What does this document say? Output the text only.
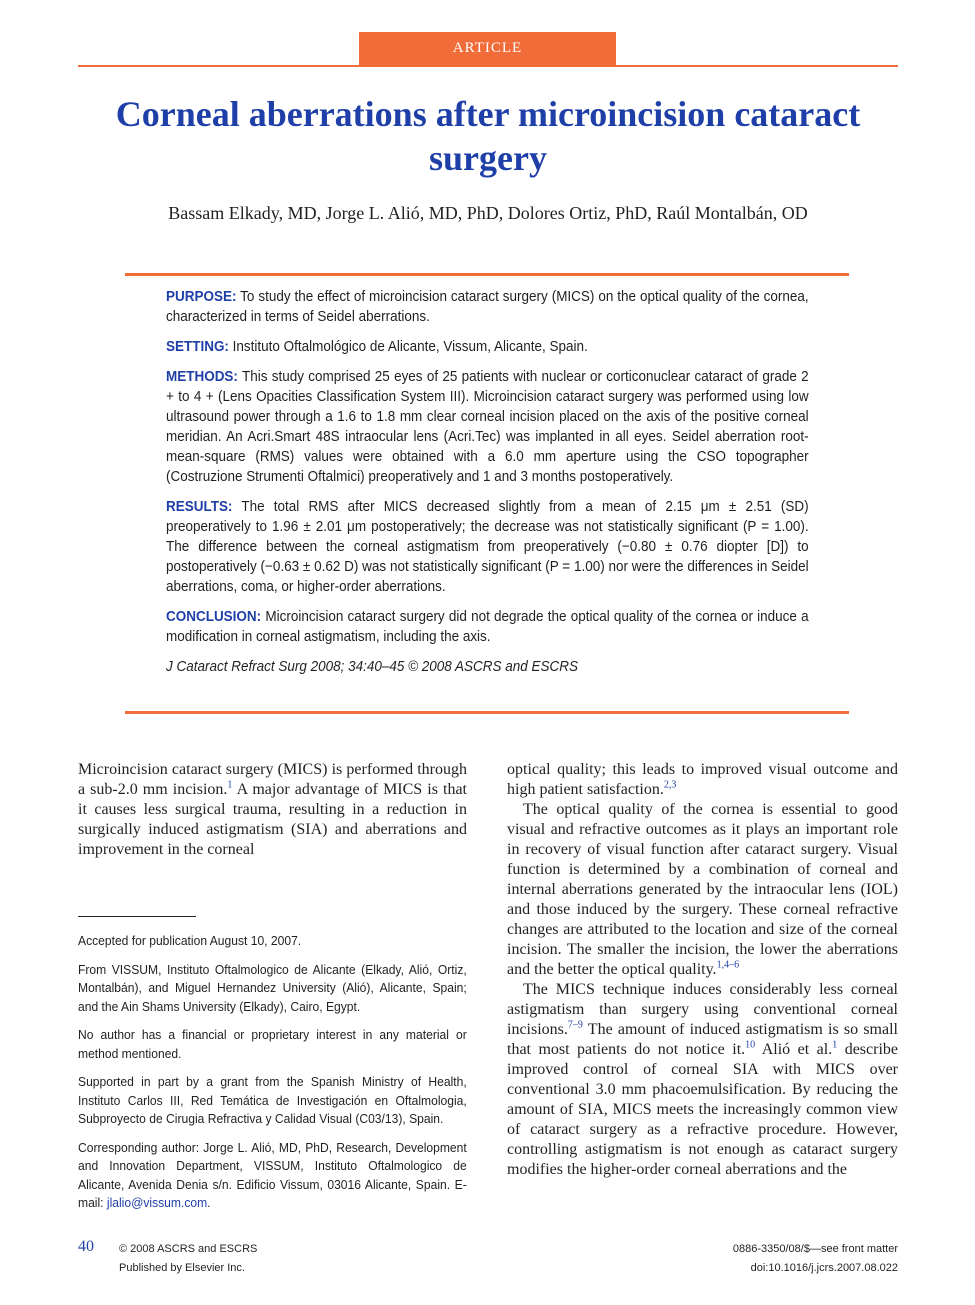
ARTICLE
Corneal aberrations after microincision cataract surgery
Bassam Elkady, MD, Jorge L. Alió, MD, PhD, Dolores Ortiz, PhD, Raúl Montalbán, OD

PURPOSE: To study the effect of microincision cataract surgery (MICS) on the optical quality of the cornea, characterized in terms of Seidel aberrations.

SETTING: Instituto Oftalmológico de Alicante, Vissum, Alicante, Spain.

METHODS: This study comprised 25 eyes of 25 patients with nuclear or corticonuclear cataract of grade 2 + to 4 + (Lens Opacities Classification System III). Microincision cataract surgery was performed using low ultrasound power through a 1.6 to 1.8 mm clear corneal incision placed on the axis of the positive corneal meridian. An Acri.Smart 48S intraocular lens (Acri.Tec) was implanted in all eyes. Seidel aberration root-mean-square (RMS) values were obtained with a 6.0 mm aperture using the CSO topographer (Costruzione Strumenti Oftalmici) preoperatively and 1 and 3 months postoperatively.

RESULTS: The total RMS after MICS decreased slightly from a mean of 2.15 μm ± 2.51 (SD) preoperatively to 1.96 ± 2.01 μm postoperatively; the decrease was not statistically significant (P = 1.00). The difference between the corneal astigmatism from preoperatively (−0.80 ± 0.76 diopter [D]) to postoperatively (−0.63 ± 0.62 D) was not statistically significant (P = 1.00) nor were the differences in Seidel aberrations, coma, or higher-order aberrations.

CONCLUSION: Microincision cataract surgery did not degrade the optical quality of the cornea or induce a modification in corneal astigmatism, including the axis.

J Cataract Refract Surg 2008; 34:40–45 © 2008 ASCRS and ESCRS

Microincision cataract surgery (MICS) is performed through a sub-2.0 mm incision.$^1$ A major advantage of MICS is that it causes less surgical trauma, resulting in a reduction in surgically induced astigmatism (SIA) and aberrations and improvement in the corneal

optical quality; this leads to improved visual outcome and high patient satisfaction.$^{2,3}$

The optical quality of the cornea is essential to good visual and refractive outcomes as it plays an important role in recovery of visual function after cataract surgery. Visual function is determined by a combination of corneal and internal aberrations generated by the intraocular lens (IOL) and those induced by the surgery. These corneal refractive changes are attributed to the location and size of the corneal incision. The smaller the incision, the lower the aberrations and the better the optical quality.$^{1,4-6}$

The MICS technique induces considerably less corneal astigmatism than surgery using conventional corneal incisions.$^{7-9}$ The amount of induced astigmatism is so small that most patients do not notice it.$^{10}$ Alió et al.$^1$ describe improved control of corneal SIA with MICS over conventional 3.0 mm phacoemulsification. By reducing the amount of SIA, MICS meets the increasingly common view of cataract surgery as a refractive procedure. However, controlling astigmatism is not enough as cataract surgery modifies the higher-order corneal aberrations and the

Accepted for publication August 10, 2007.

From VISSUM, Instituto Oftalmologico de Alicante (Elkady, Alió, Ortiz, Montalbán), and Miguel Hernandez University (Alió), Alicante, Spain; and the Ain Shams University (Elkady), Cairo, Egypt.

No author has a financial or proprietary interest in any material or method mentioned.

Supported in part by a grant from the Spanish Ministry of Health, Instituto Carlos III, Red Temática de Investigación en Oftalmologia, Subproyecto de Cirugia Refractiva y Calidad Visual (C03/13), Spain.

Corresponding author: Jorge L. Alió, MD, PhD, Research, Development and Innovation Department, VISSUM, Instituto Oftalmologico de Alicante, Avenida Denia s/n. Edificio Vissum, 03016 Alicante, Spain. E-mail: jlalio@vissum.com.

40 © 2008 ASCRS and ESCRS
Published by Elsevier Inc.
0886-3350/08/$—see front matter
doi:10.1016/j.jcrs.2007.08.022
